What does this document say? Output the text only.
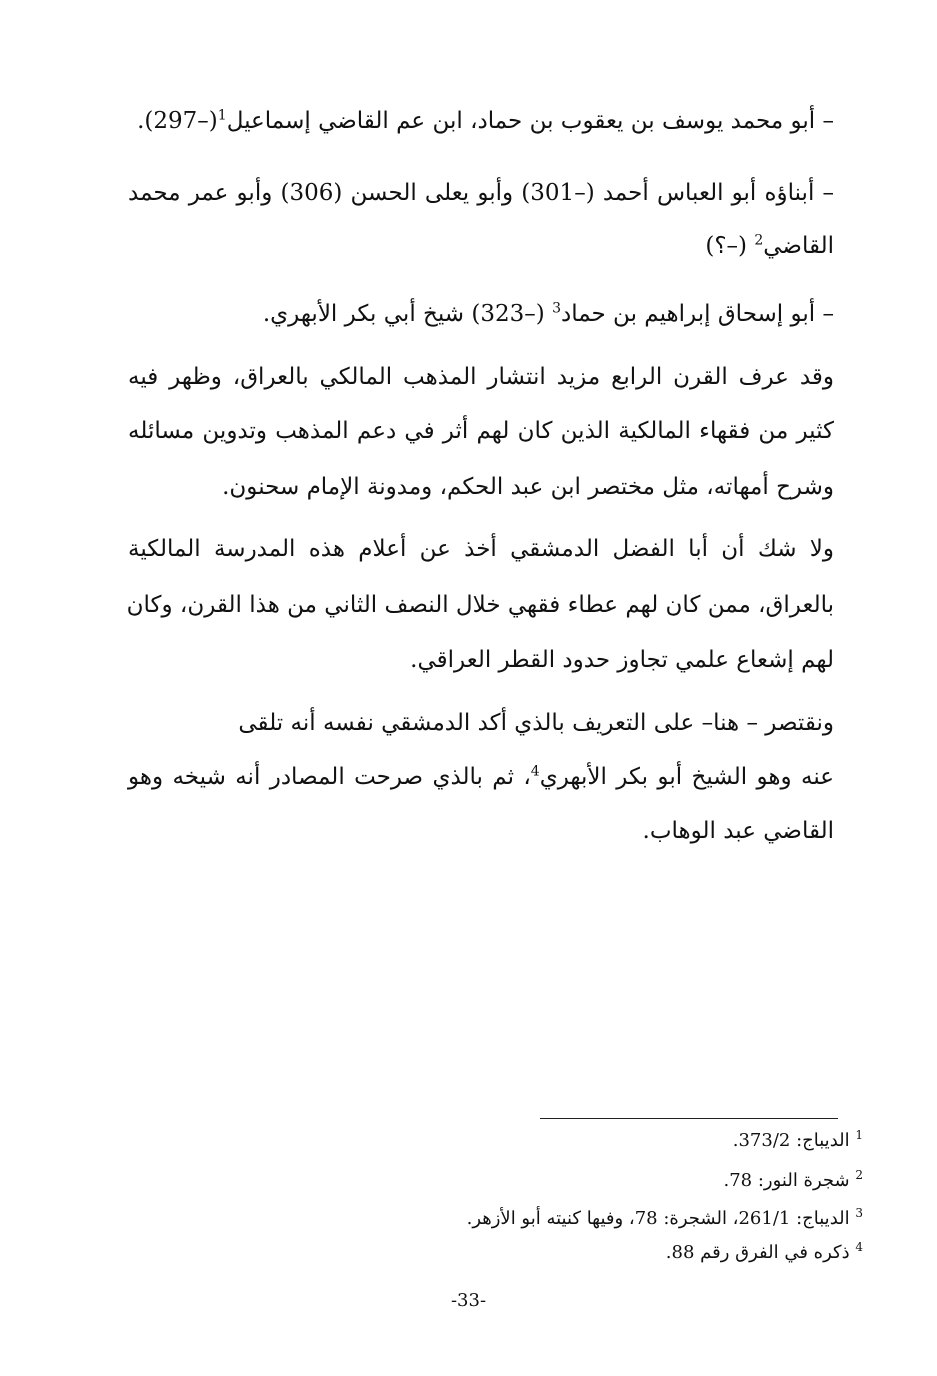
– أبو محمد يوسف بن يعقوب بن حماد، ابن عم القاضي إسماعيل$^1$(–297).
– أبناؤه أبو العباس أحمد (–301) وأبو يعلى الحسن (306) وأبو عمر محمد
القاضي$^2$ (–؟)
– أبو إسحاق إبراهيم بن حماد$^3$ (–323) شيخ أبي بكر الأبهري.
وقد عرف القرن الرابع مزيد انتشار المذهب المالكي بالعراق، وظهر فيه
كثير من فقهاء المالكية الذين كان لهم أثر في دعم المذهب وتدوين مسائله
وشرح أمهاته، مثل مختصر ابن عبد الحكم، ومدونة الإمام سحنون.
ولا شك أن أبا الفضل الدمشقي أخذ عن أعلام هذه المدرسة المالكية
بالعراق، ممن كان لهم عطاء فقهي خلال النصف الثاني من هذا القرن، وكان
لهم إشعاع علمي تجاوز حدود القطر العراقي.
ونقتصر – هنا– على التعريف بالذي أكد الدمشقي نفسه أنه تلقى
عنه وهو الشيخ أبو بكر الأبهري$^4$، ثم بالذي صرحت المصادر أنه شيخه وهو
القاضي عبد الوهاب.
$^1$ الديباج: 373/2.
$^2$ شجرة النور: 78.
$^3$ الديباج: 261/1، الشجرة: 78، وفيها كنيته أبو الأزهر.
$^4$ ذكره في الفرق رقم 88.
-33-
